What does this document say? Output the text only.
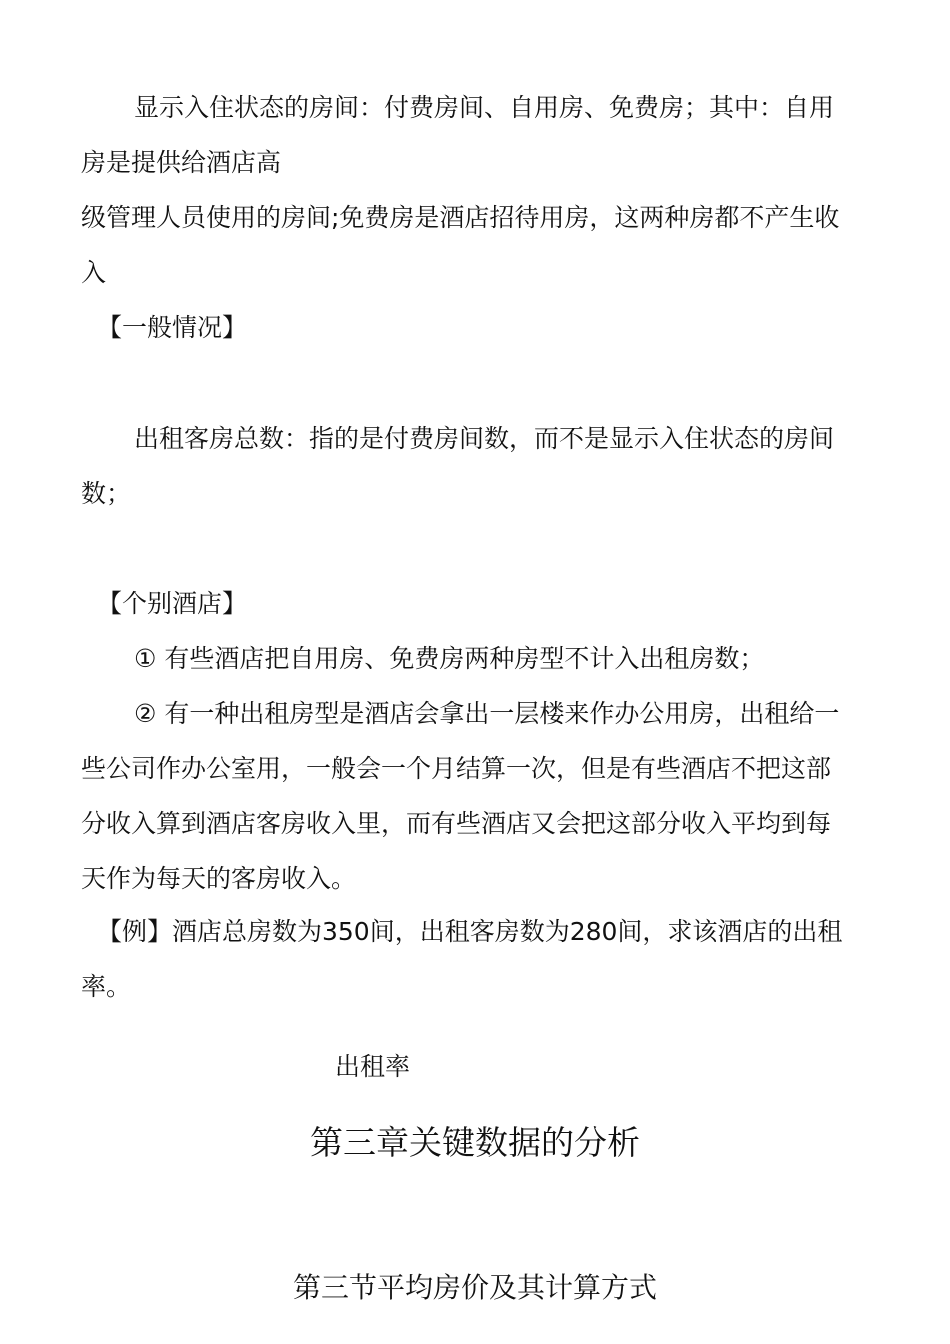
显示入住状态的房间：付费房间、自用房、免费房；其中：自用
房是提供给酒店高
级管理人员使用的房间;免费房是酒店招待用房，这两种房都不产生收
入
【一般情况】
出租客房总数：指的是付费房间数，而不是显示入住状态的房间
数；
【个别酒店】
① 有些酒店把自用房、免费房两种房型不计入出租房数；
② 有一种出租房型是酒店会拿出一层楼来作办公用房，出租给一
些公司作办公室用，一般会一个月结算一次，但是有些酒店不把这部
分收入算到酒店客房收入里，而有些酒店又会把这部分收入平均到每
天作为每天的客房收入。
【例】酒店总房数为350间，出租客房数为280间，求该酒店的出租
率。
出租率
第三章关键数据的分析
第三节平均房价及其计算方式
